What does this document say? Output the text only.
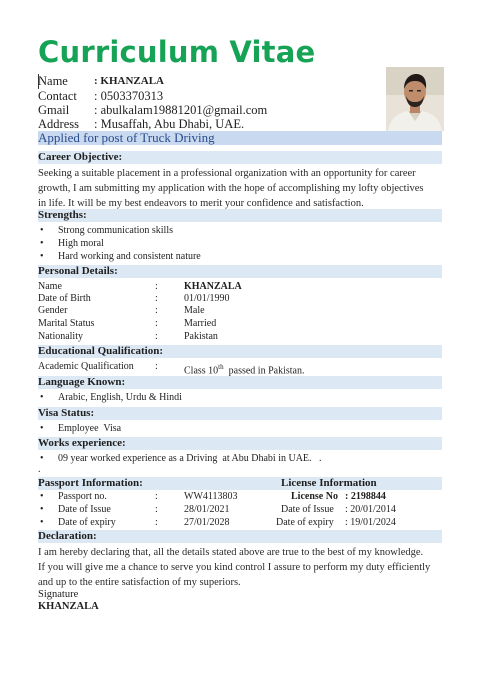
Curriculum Vitae
Name : KHANZALA
Contact : 0503370313
Gmail : abulkalam19881201@gmail.com
Address : Musaffah, Abu Dhabi, UAE.
Applied for post of Truck Driving
Career Objective:
Seeking a suitable placement in a professional organization with an opportunity for career
growth, I am submitting my application with the hope of accomplishing my lofty objectives
in life. It will be my best endeavors to merit your confidence and satisfaction.
Strengths:
• Strong communication skills
• High moral
• Hard working and consistent nature
Personal Details:
Name	:	KHANZALA
Date of Birth	:	01/01/1990
Gender	:	Male
Marital Status	:	Married
Nationality	:	Pakistan
Educational Qualification:
Academic Qualification :	Class 10th  passed in Pakistan.
Language Known:
• Arabic, English, Urdu & Hindi
Visa Status:
• Employee  Visa
Works experience:
• 09 year worked experience as a Driving  at Abu Dhabi in UAE.   .
.
Passport Information:	License Information
• Passport no.	:	WW4113803	License No : 2198844
• Date of Issue	:	28/01/2021	Date of Issue : 20/01/2014
• Date of expiry	:	27/01/2028	Date of expiry : 19/01/2024
Declaration:
I am hereby declaring that, all the details stated above are true to the best of my knowledge.
If you will give me a chance to serve you kind control I assure to perform my duty efficiently
and up to the entire satisfaction of my superiors.
Signature
KHANZALA
